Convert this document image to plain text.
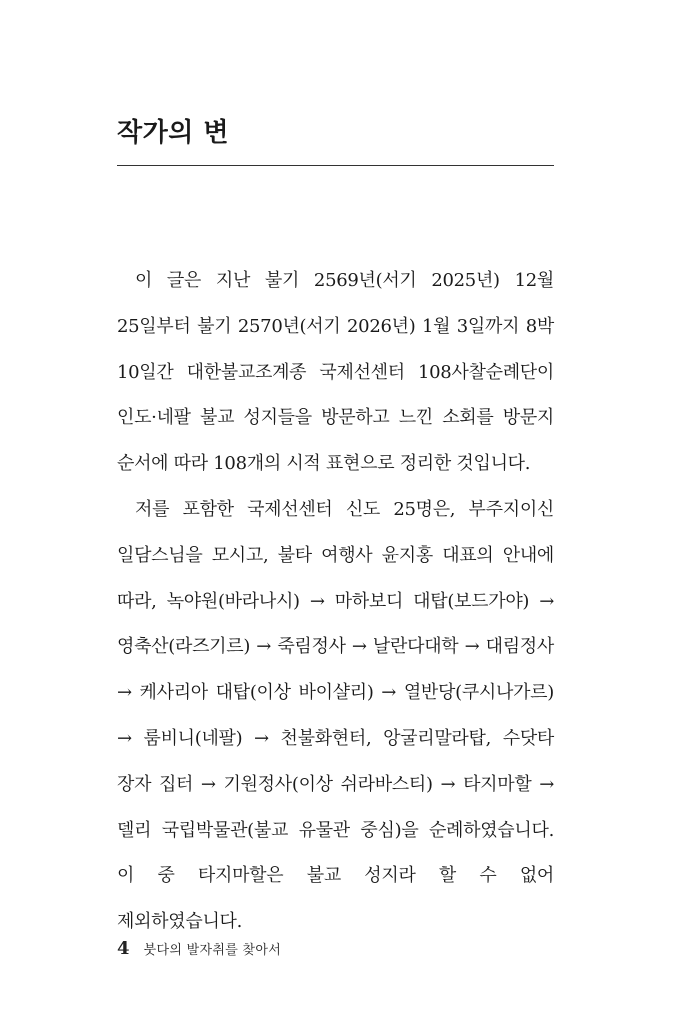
작가의 변

이 글은 지난 불기 2569년(서기 2025년) 12월 25일부터 불기 2570년(서기 2026년) 1월 3일까지 8박 10일간 대한불교조계종 국제선센터 108사찰순례단이 인도·네팔 불교 성지들을 방문하고 느낀 소회를 방문지 순서에 따라 108개의 시적 표현으로 정리한 것입니다.

저를 포함한 국제선센터 신도 25명은, 부주지이신 일담스님을 모시고, 불타 여행사 윤지홍 대표의 안내에 따라, 녹야원(바라나시) → 마하보디 대탑(보드가야) → 영축산(라즈기르) → 죽림정사 → 날란다대학 → 대림정사 → 케사리아 대탑(이상 바이샬리) → 열반당(쿠시나가르) → 룸비니(네팔) → 천불화현터, 앙굴리말라탑, 수닷타 장자 집터 → 기원정사(이상 쉬라바스티) → 타지마할 → 델리 국립박물관(불교 유물관 중심)을 순례하였습니다. 이 중 타지마할은 불교 성지라 할 수 없어 제외하였습니다.

4 붓다의 발자취를 찾아서
